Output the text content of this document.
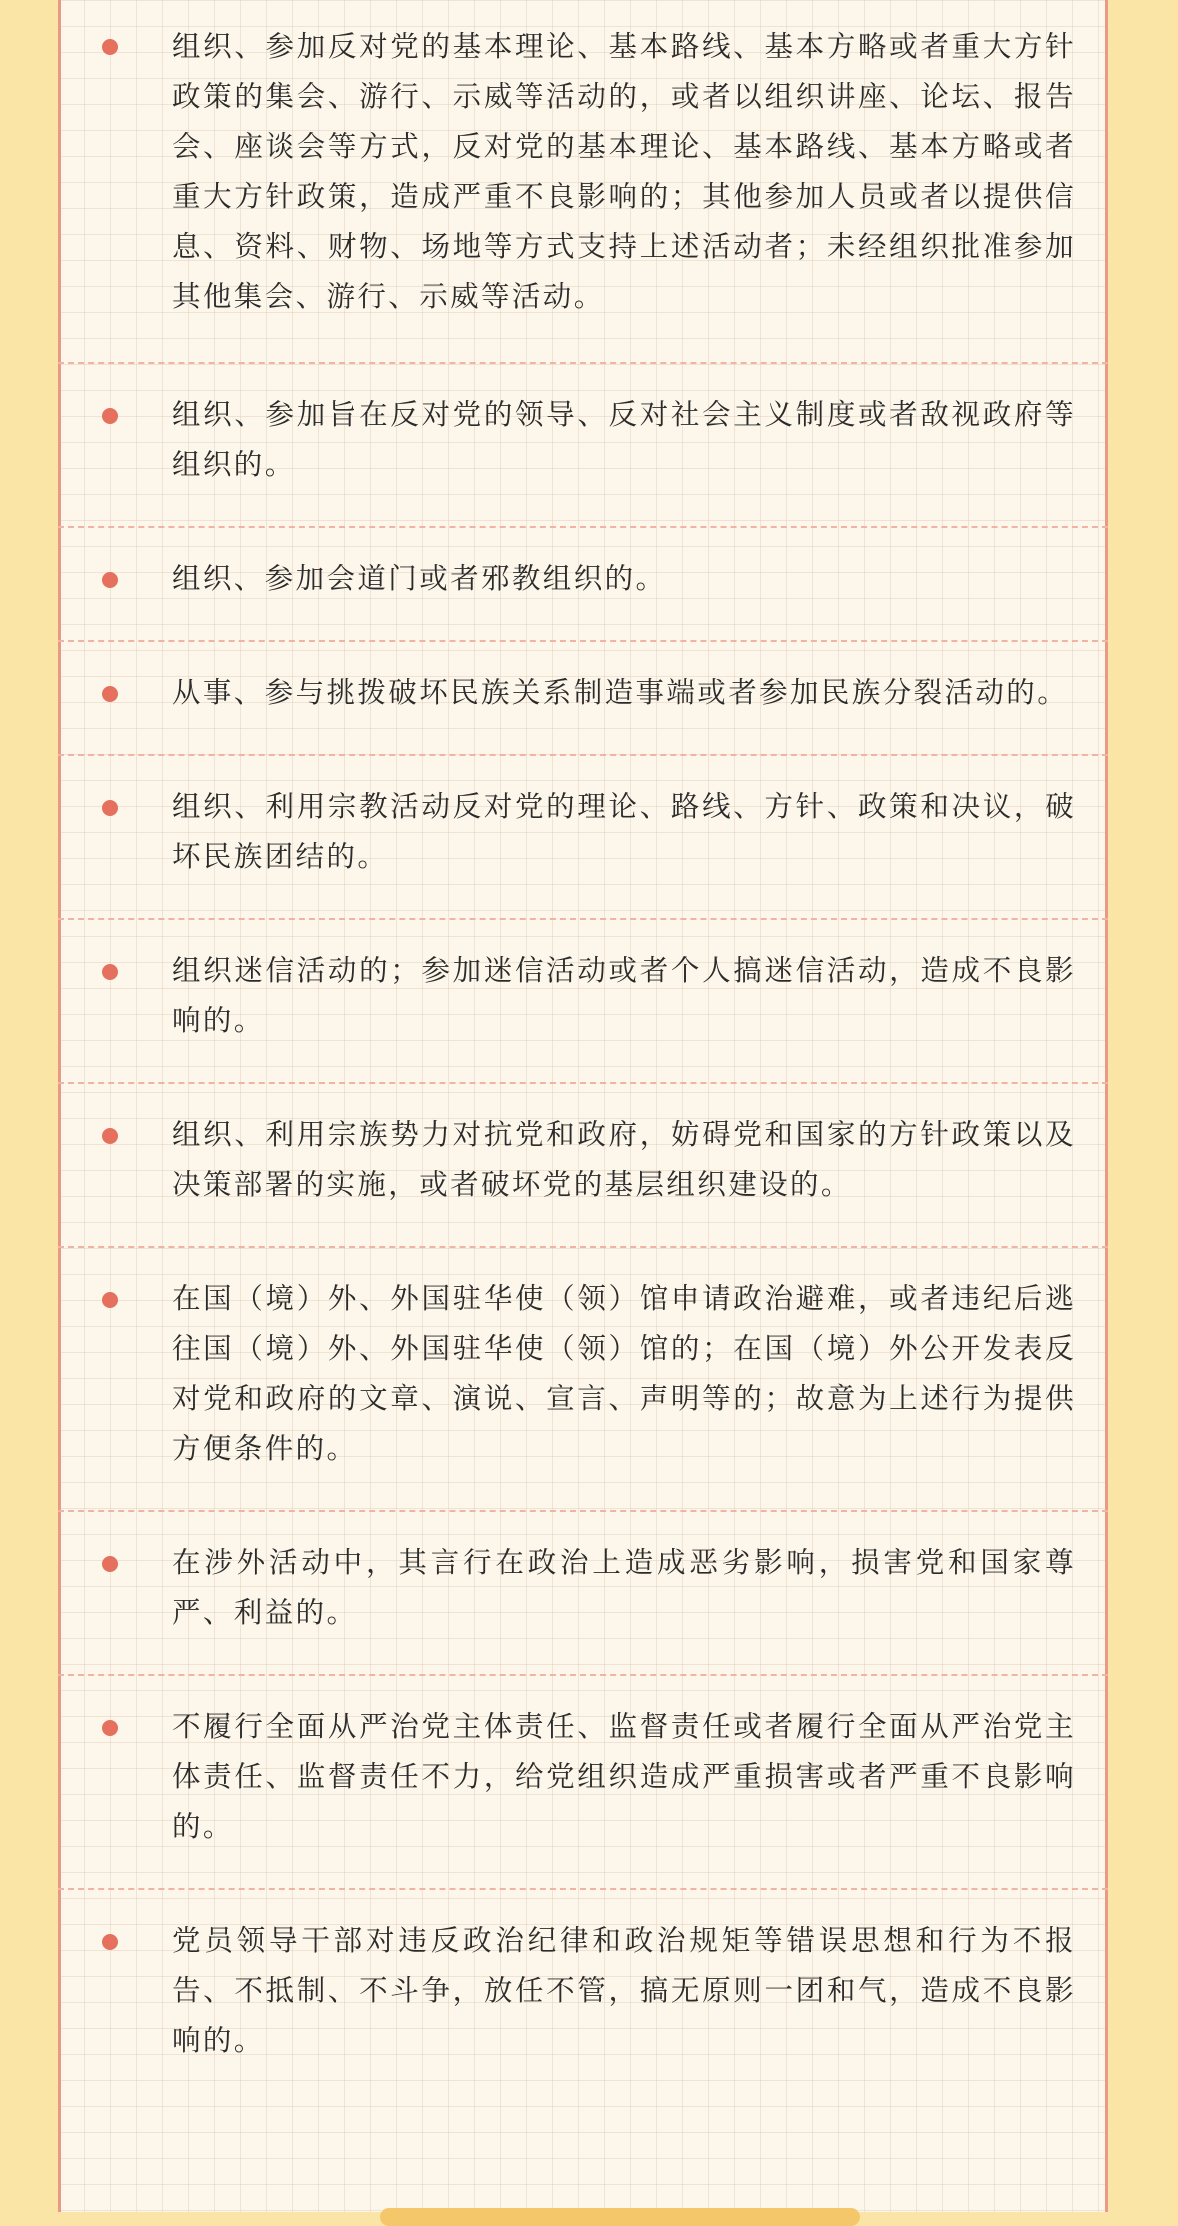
组织、参加反对党的基本理论、基本路线、基本方略或者重大方针政策的集会、游行、示威等活动的，或者以组织讲座、论坛、报告会、座谈会等方式，反对党的基本理论、基本路线、基本方略或者重大方针政策，造成严重不良影响的；其他参加人员或者以提供信息、资料、财物、场地等方式支持上述活动者；未经组织批准参加其他集会、游行、示威等活动。
组织、参加旨在反对党的领导、反对社会主义制度或者敌视政府等组织的。
组织、参加会道门或者邪教组织的。
从事、参与挑拨破坏民族关系制造事端或者参加民族分裂活动的。
组织、利用宗教活动反对党的理论、路线、方针、政策和决议，破坏民族团结的。
组织迷信活动的；参加迷信活动或者个人搞迷信活动，造成不良影响的。
组织、利用宗族势力对抗党和政府，妨碍党和国家的方针政策以及决策部署的实施，或者破坏党的基层组织建设的。
在国（境）外、外国驻华使（领）馆申请政治避难，或者违纪后逃往国（境）外、外国驻华使（领）馆的；在国（境）外公开发表反对党和政府的文章、演说、宣言、声明等的；故意为上述行为提供方便条件的。
在涉外活动中，其言行在政治上造成恶劣影响，损害党和国家尊严、利益的。
不履行全面从严治党主体责任、监督责任或者履行全面从严治党主体责任、监督责任不力，给党组织造成严重损害或者严重不良影响的。
党员领导干部对违反政治纪律和政治规矩等错误思想和行为不报告、不抵制、不斗争，放任不管，搞无原则一团和气，造成不良影响的。
